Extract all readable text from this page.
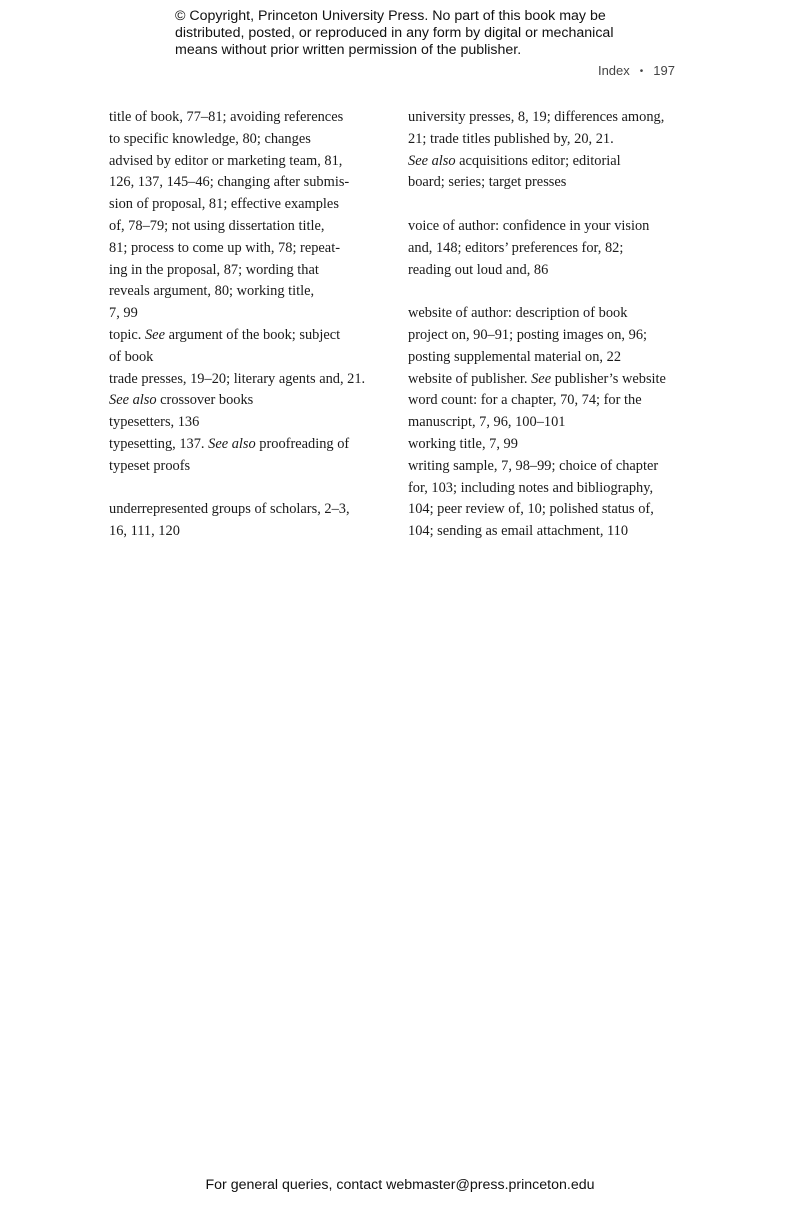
© Copyright, Princeton University Press. No part of this book may be
distributed, posted, or reproduced in any form by digital or mechanical
means without prior written permission of the publisher.
Index • 197
title of book, 77–81; avoiding references
to specific knowledge, 80; changes
advised by editor or marketing team, 81,
126, 137, 145–46; changing after submis-
sion of proposal, 81; effective examples
of, 78–79; not using dissertation title,
81; process to come up with, 78; repeat-
ing in the proposal, 87; wording that
reveals argument, 80; working title,
7, 99
topic. See argument of the book; subject
of book
trade presses, 19–20; literary agents and, 21.
See also crossover books
typesetters, 136
typesetting, 137. See also proofreading of
typeset proofs
underrepresented groups of scholars, 2–3,
16, 111, 120
university presses, 8, 19; differences among,
21; trade titles published by, 20, 21.
See also acquisitions editor; editorial
board; series; target presses
voice of author: confidence in your vision
and, 148; editors’ preferences for, 82;
reading out loud and, 86
website of author: description of book
project on, 90–91; posting images on, 96;
posting supplemental material on, 22
website of publisher. See publisher’s website
word count: for a chapter, 70, 74; for the
manuscript, 7, 96, 100–101
working title, 7, 99
writing sample, 7, 98–99; choice of chapter
for, 103; including notes and bibliography,
104; peer review of, 10; polished status of,
104; sending as email attachment, 110
For general queries, contact webmaster@press.princeton.edu
